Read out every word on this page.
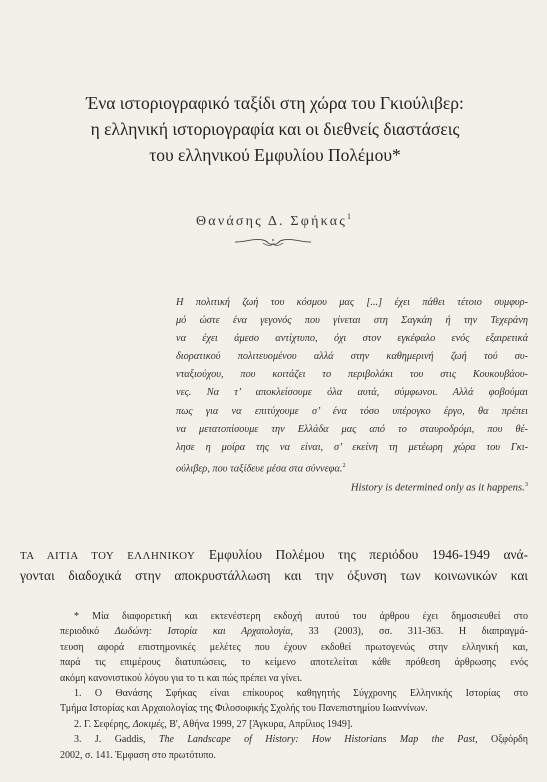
Ένα ιστοριογραφικό ταξίδι στη χώρα του Γκιούλιβερ:
η ελληνική ιστοριογραφία και οι διεθνείς διαστάσεις
του ελληνικού Εμφυλίου Πολέμου*
Θανάσης Δ. Σφήκας$^1$
Η πολιτική ζωή του κόσμου μας [...] έχει πάθει τέτοιο συμφυρ-
μό ώστε ένα γεγονός που γίνεται στη Σαγκάη ή την Τεχεράνη
να έχει άμεσο αντίχτυπο, όχι στον εγκέφαλο ενός εξαιρετικά
διορατικού πολιτευομένου αλλά στην καθημερινή ζωή τού συ-
νταξιούχου, που κοιτάζει το περιβολάκι του στις Κουκουβάου-
νες. Να τ’ αποκλείσουμε όλα αυτά, σύμφωνοι. Αλλά φοβούμαι
πως για να επιτύχουμε σ’ ένα τόσο υπέρογκο έργο, θα πρέπει
να μετατοπίσουμε την Ελλάδα μας από το σταυροδρόμι, που θέ-
λησε η μοίρα της να είναι, σ’ εκείνη τη μετέωρη χώρα του Γκι-
ούλιβερ, που ταξίδευε μέσα στα σύννεφα.$^2$
History is determined only as it happens.$^3$
ΤΑ ΑΙΤΙΑ ΤΟΥ ΕΛΛΗΝΙΚΟΥ Εμφυλίου Πολέμου της περιόδου 1946-1949 ανά-
γονται διαδοχικά στην αποκρυστάλλωση και την όξυνση των κοινωνικών και
* Μία διαφορετική και εκτενέστερη εκδοχή αυτού του άρθρου έχει δημοσιευθεί στο
περιοδικό Δωδώνη: Ιστορία και Αρχαιολογία, 33 (2003), σσ. 311-363. Η διαπραγμά-
τευση αφορά επιστημονικές μελέτες που έχουν εκδοθεί πρωτογενώς στην ελληνική και,
παρά τις επιμέρους διατυπώσεις, το κείμενο αποτελείται κάθε πρόθεση άρθρωσης ενός
ακόμη κανονιστικού λόγου για το τι και πώς πρέπει να γίνει.
1. Ο Θανάσης Σφήκας είναι επίκουρος καθηγητής Σύγχρονης Ελληνικής Ιστορίας στο
Τμήμα Ιστορίας και Αρχαιολογίας της Φιλοσοφικής Σχολής του Πανεπιστημίου Ιωαννίνων.
2. Γ. Σεφέρης, Δοκιμές, Β', Αθήνα 1999, 27 [Άγκυρα, Απρίλιος 1949].
3. J. Gaddis, The Landscape of History: How Historians Map the Past, Οξφόρδη
2002, σ. 141. Έμφαση στο πρωτότυπο.
